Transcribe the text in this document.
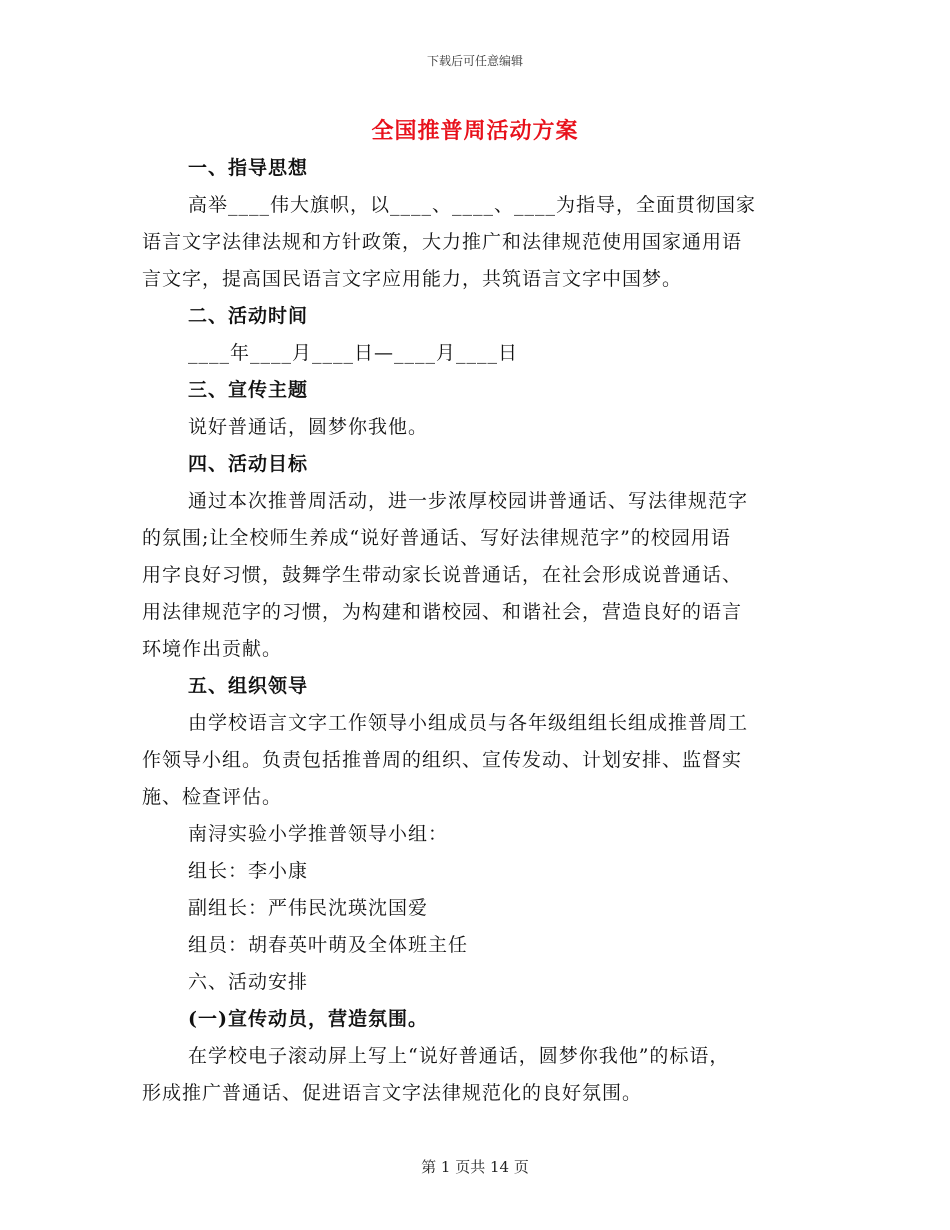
下载后可任意编辑
全国推普周活动方案
一、指导思想
高举____伟大旗帜，以____、____、____为指导，全面贯彻国家
语言文字法律法规和方针政策，大力推广和法律规范使用国家通用语
言文字，提高国民语言文字应用能力，共筑语言文字中国梦。
二、活动时间
____年____月____日—____月____日
三、宣传主题
说好普通话，圆梦你我他。
四、活动目标
通过本次推普周活动，进一步浓厚校园讲普通话、写法律规范字
的氛围;让全校师生养成“说好普通话、写好法律规范字”的校园用语
用字良好习惯，鼓舞学生带动家长说普通话，在社会形成说普通话、
用法律规范字的习惯，为构建和谐校园、和谐社会，营造良好的语言
环境作出贡献。
五、组织领导
由学校语言文字工作领导小组成员与各年级组组长组成推普周工
作领导小组。负责包括推普周的组织、宣传发动、计划安排、监督实
施、检查评估。
南浔实验小学推普领导小组：
组长：李小康
副组长：严伟民沈瑛沈国爱
组员：胡春英叶萌及全体班主任
六、活动安排
(一)宣传动员，营造氛围。
在学校电子滚动屏上写上“说好普通话，圆梦你我他”的标语，
形成推广普通话、促进语言文字法律规范化的良好氛围。
第 1 页共 14 页
